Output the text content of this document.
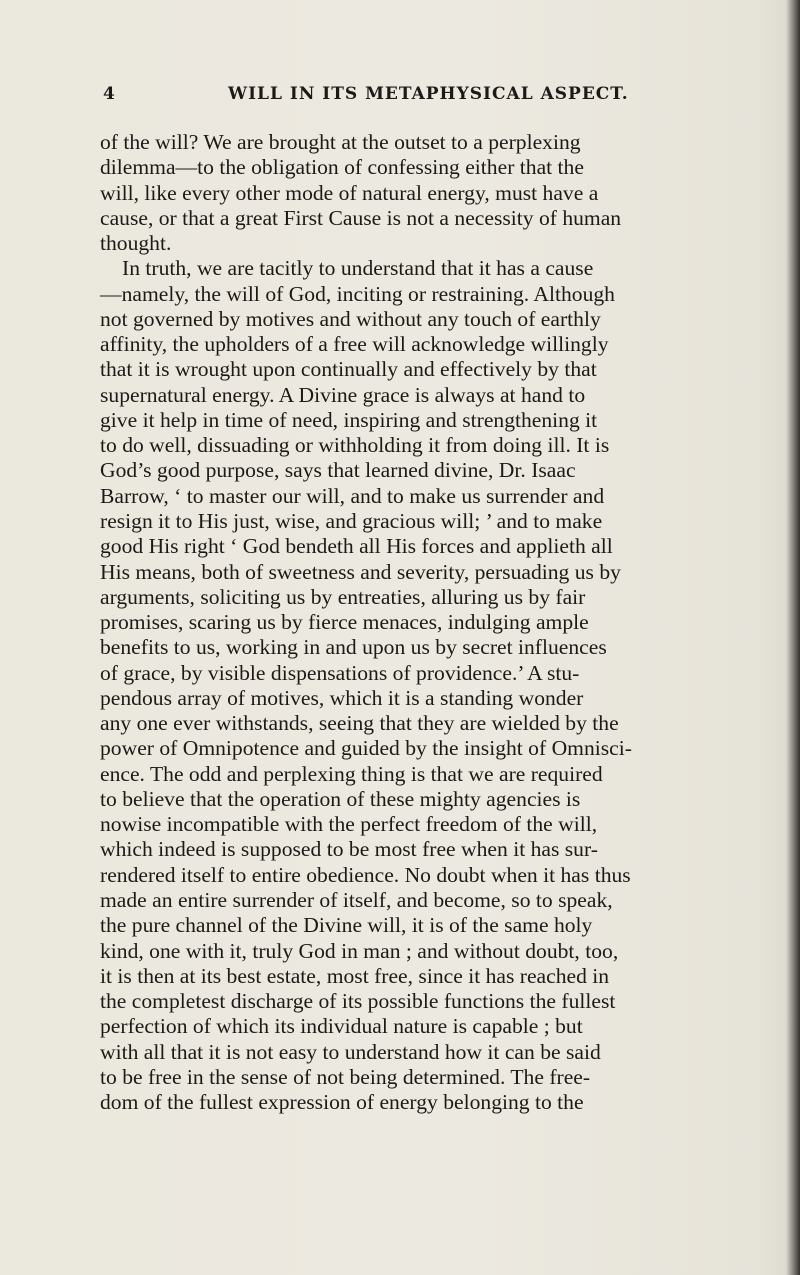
4	WILL IN ITS METAPHYSICAL ASPECT.
of the will? We are brought at the outset to a perplexing
dilemma—to the obligation of confessing either that the
will, like every other mode of natural energy, must have a
cause, or that a great First Cause is not a necessity of human
thought.
In truth, we are tacitly to understand that it has a cause
—namely, the will of God, inciting or restraining. Although
not governed by motives and without any touch of earthly
affinity, the upholders of a free will acknowledge willingly
that it is wrought upon continually and effectively by that
supernatural energy. A Divine grace is always at hand to
give it help in time of need, inspiring and strengthening it
to do well, dissuading or withholding it from doing ill. It is
God’s good purpose, says that learned divine, Dr. Isaac
Barrow, ‘ to master our will, and to make us surrender and
resign it to His just, wise, and gracious will; ’ and to make
good His right ‘ God bendeth all His forces and applieth all
His means, both of sweetness and severity, persuading us by
arguments, soliciting us by entreaties, alluring us by fair
promises, scaring us by fierce menaces, indulging ample
benefits to us, working in and upon us by secret influences
of grace, by visible dispensations of providence.’ A stu-
pendous array of motives, which it is a standing wonder
any one ever withstands, seeing that they are wielded by the
power of Omnipotence and guided by the insight of Omnisci-
ence. The odd and perplexing thing is that we are required
to believe that the operation of these mighty agencies is
nowise incompatible with the perfect freedom of the will,
which indeed is supposed to be most free when it has sur-
rendered itself to entire obedience. No doubt when it has thus
made an entire surrender of itself, and become, so to speak,
the pure channel of the Divine will, it is of the same holy
kind, one with it, truly God in man ; and without doubt, too,
it is then at its best estate, most free, since it has reached in
the completest discharge of its possible functions the fullest
perfection of which its individual nature is capable ; but
with all that it is not easy to understand how it can be said
to be free in the sense of not being determined. The free-
dom of the fullest expression of energy belonging to the
